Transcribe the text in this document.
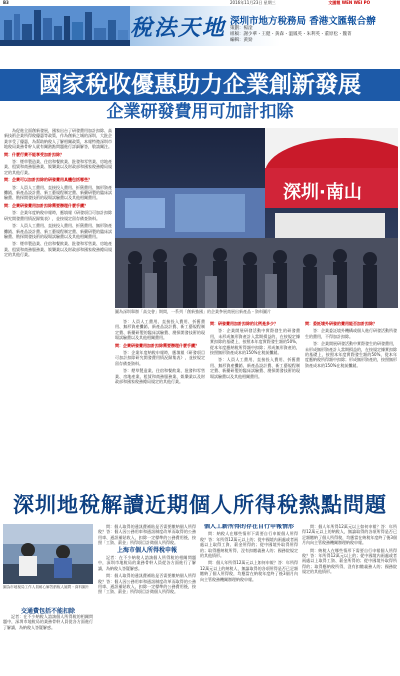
B3	2016年11月23日 星期三	文匯報 WEN WEI PO
稅法天地 深圳市地方稅務局 香港文匯報合辦
策劃：楊淦
組稿：謝少華・王健・黃森・溫鳳英・朱利英・董原松・魏菁
編輯：黃勁
國家稅收優惠助力企業創新發展
企業研發費用可加計扣除

為促進全面創新發展，國家出台了研發費用加計扣除、高新技術企業所得稅優惠等政策，作為創新之城的深圳，大批企業享受了優惠，為幫助納稅人了解相關政策，本報特邀深圳市地稅局業務骨幹人就有關熱點問題進行詳細解答，敬請關注。

問：什麼行業不能享受加計扣除？

答：煙草製造業、住宿和餐飲業、批發和零售業、房地產業、租賃和商務服務業、娛樂業以及財政部和國家稅務總局規定的其他行業。

問：企業可以加計扣除的研發費用具體包括哪些？

答：人員人工費用、直接投入費用、折舊費用、無形資產攤銷、新產品設計費、新工藝規程制定費、新藥研製的臨床試驗費、勘探開發技術的現場試驗費以及其他相關費用。

問：企業研發費用加計扣除需要辦理什麼手續？

答：企業年度納稅申報時，應填報《研發項目可加計扣除研究開發費用情況歸集表》，並按規定留存備查資料。

答：人員人工費用、直接投入費用、折舊費用、無形資產攤銷、新產品設計費、新工藝規程制定費、新藥研製的臨床試驗費、勘探開發技術的現場試驗費以及其他相關費用。

答：煙草製造業、住宿和餐飲業、批發和零售業、房地產業、租賃和商務服務業、娛樂業以及財政部和國家稅務總局規定的其他行業。

深圳·南山
圖為深圳舉辦「高交會」期間，一系列「創新強國」的企業參展商展出新產品・資料圖片

答：人員人工費用、直接投入費用、折舊費用、無形資產攤銷、新產品設計費、新工藝規程制定費、新藥研製的臨床試驗費、勘探開發技術的現場試驗費以及其他相關費用。

問：企業研發費用加計扣除需要辦理什麼手續？

答：企業年度納稅申報時，應填報《研發項目可加計扣除研究開發費用情況歸集表》，並按規定留存備查資料。

答：煙草製造業、住宿和餐飲業、批發和零售業、房地產業、租賃和商務服務業、娛樂業以及財政部和國家稅務總局規定的其他行業。

問：研發費用加計扣除的比例是多少？

答：企業開展研發活動中實際發生的研發費用，未形成無形資產計入當期損益的，在按規定據實扣除的基礎上，按照本年度實際發生額的50%，從本年度應納稅所得額中扣除；形成無形資產的，按照無形資產成本的150%在稅前攤銷。

答：人員人工費用、直接投入費用、折舊費用、無形資產攤銷、新產品設計費、新工藝規程制定費、新藥研製的臨床試驗費、勘探開發技術的現場試驗費以及其他相關費用。

問：委託境外研發的費用能否加計扣除？

答：企業委託境外機構或個人進行研發活動所發生的費用，不得加計扣除。

答：企業開展研發活動中實際發生的研發費用，未形成無形資產計入當期損益的，在按規定據實扣除的基礎上，按照本年度實際發生額的50%，從本年度應納稅所得額中扣除；形成無形資產的，按照無形資產成本的150%在稅前攤銷。

深圳地稅解讀近期個人所得稅熱點問題
圖為市地稅局工作人員耐心解答納稅人疑問・資料圖片
交通費包括不能扣除

記者：在不少納稅人諮詢個人所得稅的相關問題中，深圳市地稅局的業務骨幹人員從各方面進行了解讀，為納稅人答疑解惑。

問：個人取得的通訊費補貼是否需要繳納個人所得稅？答：個人因公務用車和通訊制度改革而取得的公務用車、通訊補貼收入，扣除一定標準的公務費用後，按照「工資、薪金」所得項目計徵個人所得稅。

上海市個人所得稅申報

記者：在不少納稅人諮詢個人所得稅的相關問題中，深圳市地稅局的業務骨幹人員從各方面進行了解讀，為納稅人答疑解惑。

問：個人取得的通訊費補貼是否需要繳納個人所得稅？答：個人因公務用車和通訊制度改革而取得的公務用車、通訊補貼收入，扣除一定標準的公務費用後，按照「工資、薪金」所得項目計徵個人所得稅。

個人工薪所得的存在自行申報情形

問：納稅人在哪些情形下需要自行申報個人所得稅？答：年所得12萬元以上的；從中國境內兩處或者兩處以上取得工資、薪金所得的；從中國境外取得所得的；取得應納稅所得，沒有扣繳義務人的；國務院規定的其他情形。

問：個人年所得12萬元以上如何申報？答：年所得12萬元以上的納稅人，無論取得的各項所得是否已足額繳納了個人所得稅，均應當在納稅年度終了後3個月內向主管稅務機關辦理納稅申報。

問：個人年所得12萬元以上如何申報？答：年所得12萬元以上的納稅人，無論取得的各項所得是否已足額繳納了個人所得稅，均應當在納稅年度終了後3個月內向主管稅務機關辦理納稅申報。

問：納稅人在哪些情形下需要自行申報個人所得稅？答：年所得12萬元以上的；從中國境內兩處或者兩處以上取得工資、薪金所得的；從中國境外取得所得的；取得應納稅所得，沒有扣繳義務人的；國務院規定的其他情形。
